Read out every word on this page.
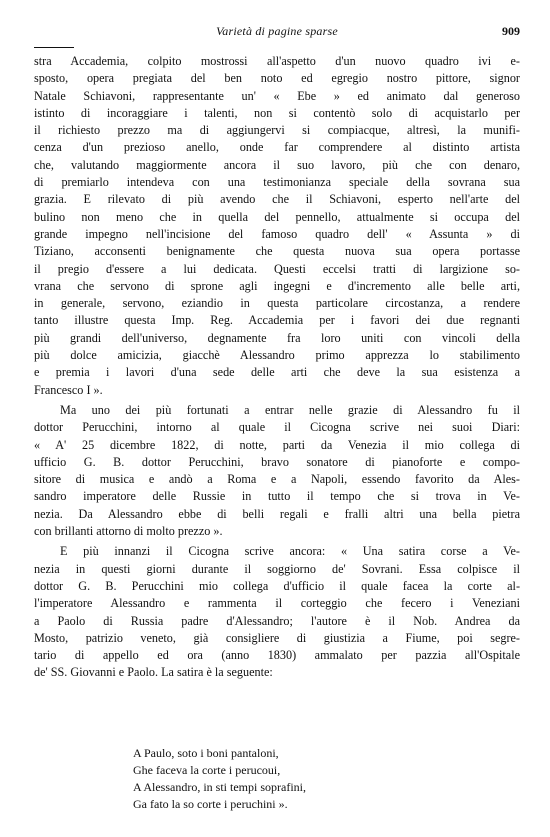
Varietà di pagine sparse	909

stra Accademia, colpito mostrossi all'aspetto d'un nuovo quadro ivi e-
sposto, opera pregiata del ben noto ed egregio nostro pittore, signor
Natale Schiavoni, rappresentante un' « Ebe » ed animato dal generoso
istinto di incoraggiare i talenti, non si contentò solo di acquistarlo per
il richiesto prezzo ma di aggiungervi si compiacque, altresì, la munifi-
cenza d'un prezioso anello, onde far comprendere al distinto artista
che, valutando maggiormente ancora il suo lavoro, più che con denaro,
di premiarlo intendeva con una testimonianza speciale della sovrana sua
grazia. E rilevato di più avendo che il Schiavoni, esperto nell'arte del
bulino non meno che in quella del pennello, attualmente si occupa del
grande impegno nell'incisione del famoso quadro dell' « Assunta » di
Tiziano, acconsenti benignamente che questa nuova sua opera portasse
il pregio d'essere a lui dedicata. Questi eccelsi tratti di largizione so-
vrana che servono di sprone agli ingegni e d'incremento alle belle arti,
in generale, servono, eziandio in questa particolare circostanza, a rendere
tanto illustre questa Imp. Reg. Accademia per i favori dei due regnanti
più grandi dell'universo, degnamente fra loro uniti con vincoli della
più dolce amicizia, giacchè Alessandro primo apprezza lo stabilimento
e premia i lavori d'una sede delle arti che deve la sua esistenza a
Francesco I ».

Ma uno dei più fortunati a entrar nelle grazie di Alessandro fu il
dottor Perucchini, intorno al quale il Cicogna scrive nei suoi Diari:
« A' 25 dicembre 1822, di notte, parti da Venezia il mio collega di
ufficio G. B. dottor Perucchini, bravo sonatore di pianoforte e compo-
sitore di musica e andò a Roma e a Napoli, essendo favorito da Ales-
sandro imperatore delle Russie in tutto il tempo che si trova in Ve-
nezia. Da Alessandro ebbe di belli regali e fralli altri una bella pietra
con brillanti attorno di molto prezzo ».

E più innanzi il Cicogna scrive ancora: « Una satira corse a Ve-
nezia in questi giorni durante il soggiorno de' Sovrani. Essa colpisce il
dottor G. B. Perucchini mio collega d'ufficio il quale facea la corte al-
l'imperatore Alessandro e rammenta il corteggio che fecero i Veneziani
a Paolo di Russia padre d'Alessandro; l'autore è il Nob. Andrea da
Mosto, patrizio veneto, già consigliere di giustizia a Fiume, poi segre-
tario di appello ed ora (anno 1830) ammalato per pazzia all'Ospitale
de' SS. Giovanni e Paolo. La satira è la seguente:

A Paulo, soto i boni pantaloni,
Ghe faceva la corte i perucoui,
A Alessandro, in sti tempi soprafini,
Ga fato la so corte i peruchini ».
